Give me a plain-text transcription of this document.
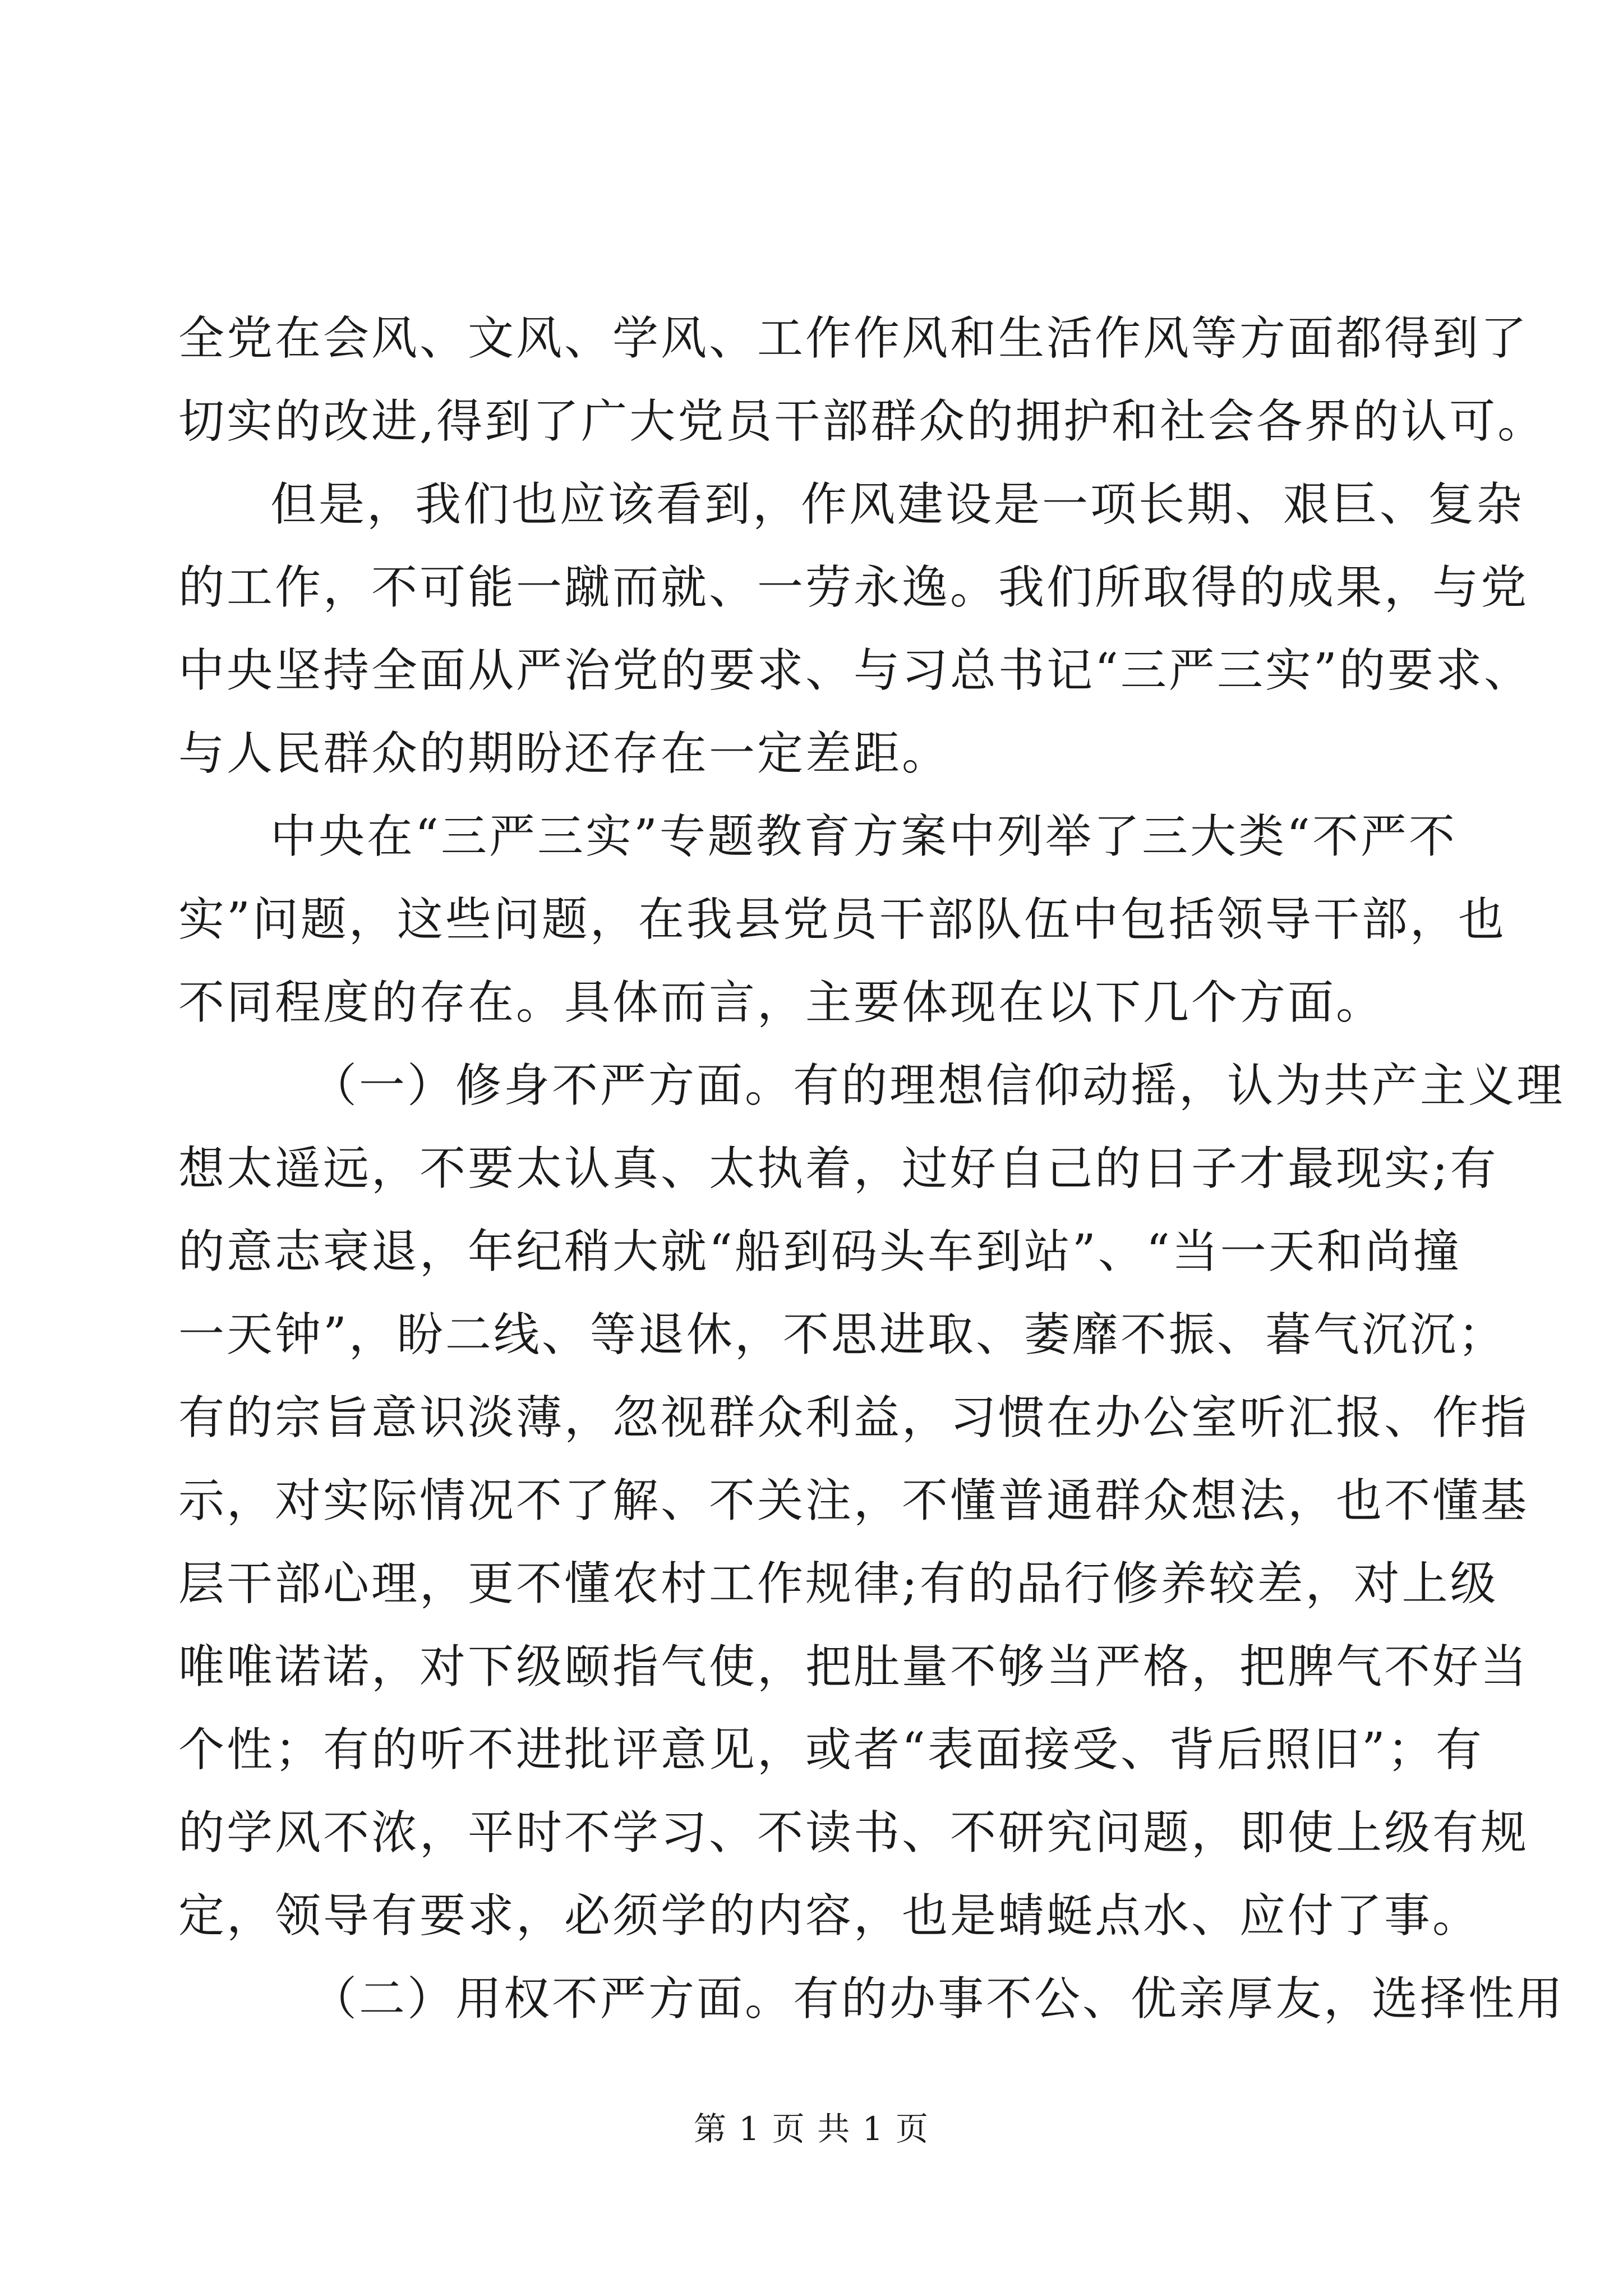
全党在会风、文风、学风、工作作风和生活作风等方面都得到了
切实的改进,得到了广大党员干部群众的拥护和社会各界的认可。
但是，我们也应该看到，作风建设是一项长期、艰巨、复杂
的工作，不可能一蹴而就、一劳永逸。我们所取得的成果，与党
中央坚持全面从严治党的要求、与习总书记“三严三实”的要求、
与人民群众的期盼还存在一定差距。
中央在“三严三实”专题教育方案中列举了三大类“不严不
实”问题，这些问题，在我县党员干部队伍中包括领导干部，也
不同程度的存在。具体而言，主要体现在以下几个方面。
（一）修身不严方面。有的理想信仰动摇，认为共产主义理
想太遥远，不要太认真、太执着，过好自己的日子才最现实;有
的意志衰退，年纪稍大就“船到码头车到站”、“当一天和尚撞
一天钟”，盼二线、等退休，不思进取、萎靡不振、暮气沉沉；
有的宗旨意识淡薄，忽视群众利益，习惯在办公室听汇报、作指
示，对实际情况不了解、不关注，不懂普通群众想法，也不懂基
层干部心理，更不懂农村工作规律;有的品行修养较差，对上级
唯唯诺诺，对下级颐指气使，把肚量不够当严格，把脾气不好当
个性；有的听不进批评意见，或者“表面接受、背后照旧”；有
的学风不浓，平时不学习、不读书、不研究问题，即使上级有规
定，领导有要求，必须学的内容，也是蜻蜓点水、应付了事。
（二）用权不严方面。有的办事不公、优亲厚友，选择性用
第 1 页 共 1 页
